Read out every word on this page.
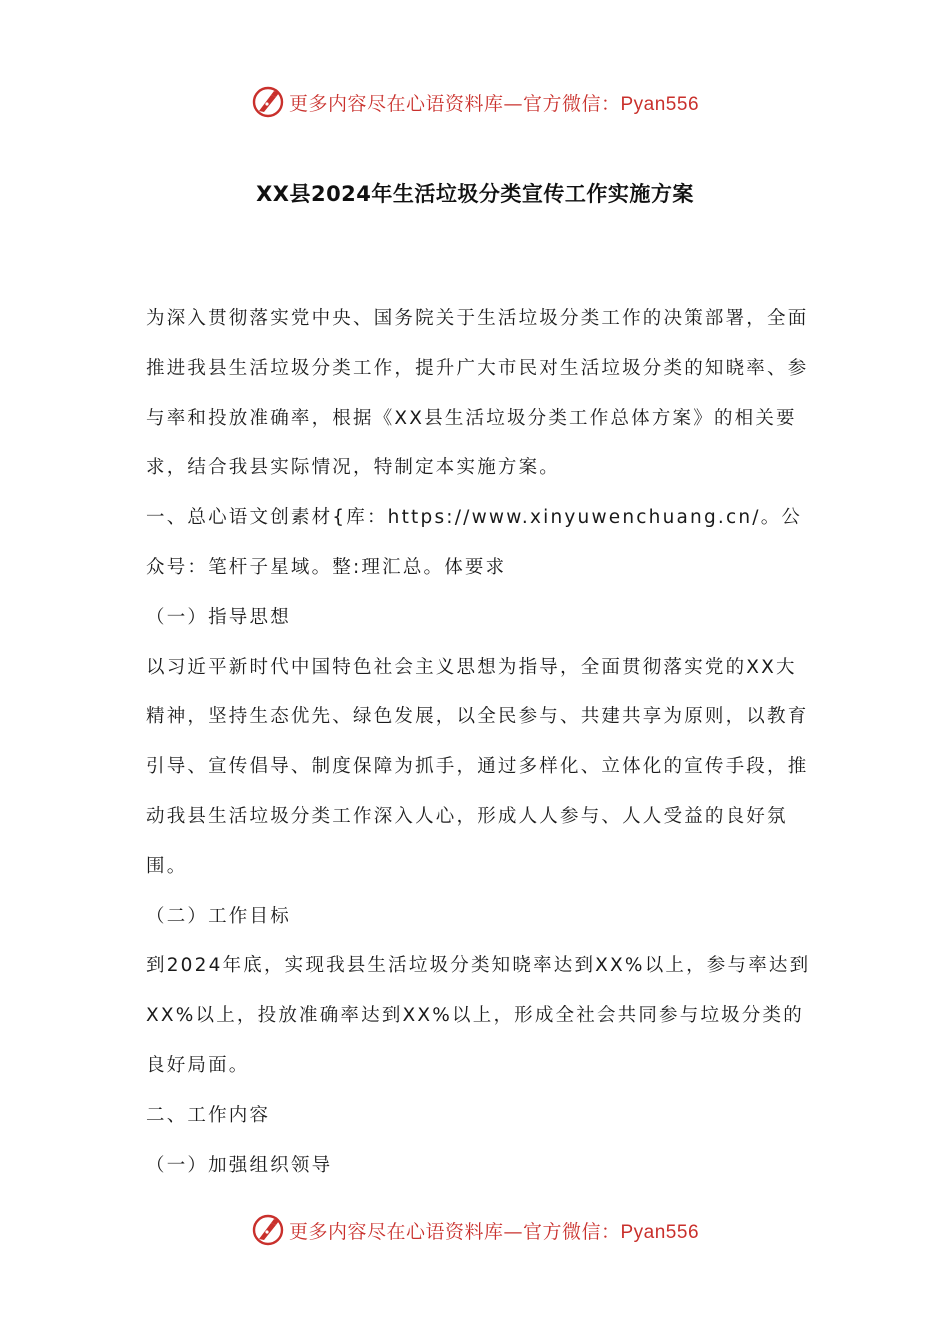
更多内容尽在心语资料库—官方微信：Pyan556
XX县2024年生活垃圾分类宣传工作实施方案

为深入贯彻落实党中央、国务院关于生活垃圾分类工作的决策部署，全面推进我县生活垃圾分类工作，提升广大市民对生活垃圾分类的知晓率、参与率和投放准确率，根据《XX县生活垃圾分类工作总体方案》的相关要求，结合我县实际情况，特制定本实施方案。

一、总心语文创素材{库：https://www.xinyuwenchuang.cn/。公众号：笔杆子星域。整:理汇总。体要求

（一）指导思想

以习近平新时代中国特色社会主义思想为指导，全面贯彻落实党的XX大精神，坚持生态优先、绿色发展，以全民参与、共建共享为原则，以教育引导、宣传倡导、制度保障为抓手，通过多样化、立体化的宣传手段，推动我县生活垃圾分类工作深入人心，形成人人参与、人人受益的良好氛围。

（二）工作目标

到2024年底，实现我县生活垃圾分类知晓率达到XX%以上，参与率达到XX%以上，投放准确率达到XX%以上，形成全社会共同参与垃圾分类的良好局面。

二、工作内容

（一）加强组织领导

更多内容尽在心语资料库—官方微信：Pyan556
